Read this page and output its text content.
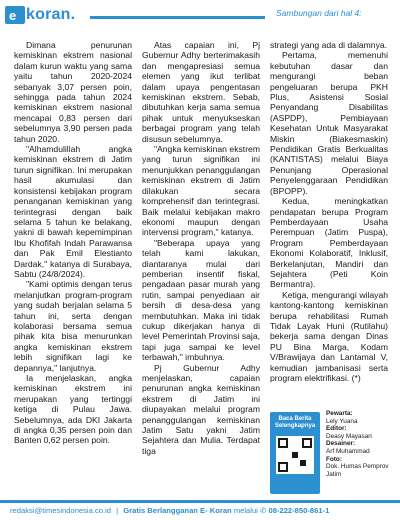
e koran.	Sambungan dari hal 4:

Dimana penurunan kemiskinan ekstrem nasional dalam kurun waktu yang sama yaitu tahun 2020-2024 sebanyak 3,07 persen poin, sehingga pada tahun 2024 kemiskinan ekstrem nasional mencapai 0,83 persen dari sebelumnya 3,90 persen pada tahun 2020.

"Alhamdulillah angka kemiskinan ekstrem di Jatim turun signifikan. Ini merupakan hasil akumulasi dan konsistensi kebijakan program penanganan kemiskinan yang terintegrasi dengan baik selama 5 tahun ke belakang, yakni di bawah kepemimpinan Ibu Khofifah Indah Parawansa dan Pak Emil Elestianto Dardak," katanya di Surabaya, Sabtu (24/8/2024).

"Kami optimis dengan terus melanjutkan program-program yang sudah berjalan selama 5 tahun ini, serta dengan kolaborasi bersama semua pihak kita bisa menurunkan angka kemiskinan ekstrem lebih signifikan lagi ke depannya," lanjutnya.

Ia menjelaskan, angka kemiskinan ekstrem ini merupakan yang tertinggi ketiga di Pulau Jawa. Sebelumnya, ada DKI Jakarta di angka 0,35 persen poin dan Banten 0,62 persen poin.

Atas capaian ini, Pj Gubernur Adhy berterimakasih dan mengapresiasi semua elemen yang ikut terlibat dalam upaya pengentasan kemiskinan ekstrem. Sebab, dibutuhkan kerja sama semua pihak untuk menyukseskan berbagai program yang telah disusun sebelumnya.

"Angka kemiskinan ekstrem yang turun signifikan ini menunjukkan penanggulangan kemiskinan ekstrem di Jatim dilakukan secara komprehensif dan terintegrasi. Baik melalui kebijakan makro ekonomi maupun dengan intervensi program," katanya.

"Beberapa upaya yang telah kami lakukan, diantaranya mulai dari pemberian insentif fiskal, pengadaan pasar murah yang rutin, sampai penyediaan air bersih di desa-desa yang membutuhkan. Maka ini tidak cukup dikerjakan hanya di level Pemerintah Provinsi saja, tapi juga sampai ke level terbawah," imbuhnya.

Pj Gubernur Adhy menjelaskan, capaian penurunan angka kemiskinan ekstrem di Jatim ini diupayakan melalui program penanggulangan kemiskinan Jatim Satu yakni Jatim Sejahtera dan Mulia. Terdapat tiga

strategi yang ada di dalamnya.

Pertama, memenuhi kebutuhan dasar dan mengurangi beban pengeluaran berupa PKH Plus, Asistensi Sosial Penyandang Disabilitas (ASPDP), Pembiayaan Kesehatan Untuk Masyarakat Miskin (Biakesmaskin) Pendidikan Gratis Berkualitas (KANTISTAS) melalui Biaya Penunjang Operasional Penyelenggaraan Pendidikan (BPOPP).

Kedua, meningkatkan pendapatan berupa Program Pemberdayaan Usaha Perempuan (Jatim Puspa), Program Pemberdayaan Ekonomi Kolaboratif, Inklusif, Berkelanjutan, Mandiri dan Sejahtera (Peti Koin Bermantra).

Ketiga, mengurangi wilayah kantong-kantong kemiskinan berupa rehabilitasi Rumah Tidak Layak Huni (Rutilahu) bekerja sama dengan Dinas PU Bina Marga, Kodam V/Brawijaya dan Lantamal V, kemudian jambanisasi serta program elektrifikasi. (*)

Baca Berita Selengkapnya
Pewarta:
Lely Yuana
Editor:
Deasy Mayasari
Desainer:
Arf Muhammad
Foto:
Dok. Humas Pemprov Jatim
redaksi@timesindonesia.co.id | Gratis Berlangganan E- Koran melalui ✆ 08-222-850-861-1
